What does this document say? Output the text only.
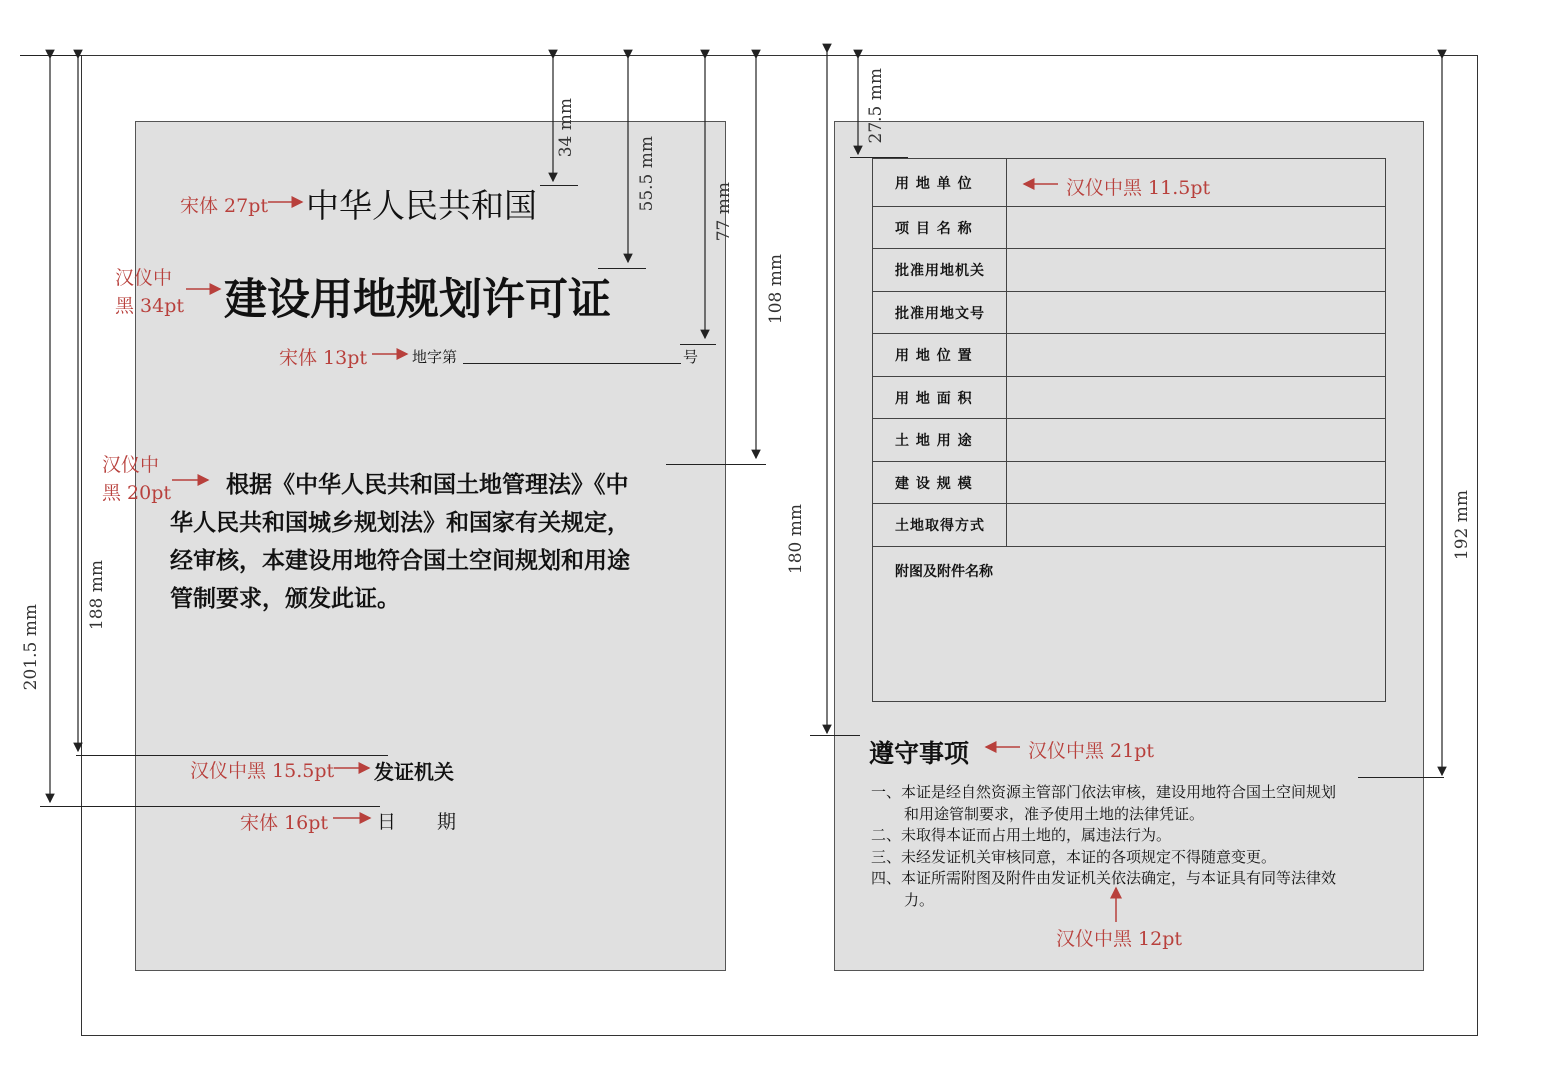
中华人民共和国
建设用地规划许可证
地字第	号
根据《中华人民共和国土地管理法》《中
华人民共和国城乡规划法》和国家有关规定，
经审核，本建设用地符合国土空间规划和用途
管制要求，颁发此证。
发证机关
日 期
宋体 27pt
汉仪中
黑 34pt
宋体 13pt
汉仪中
黑 20pt
汉仪中黑 15.5pt
宋体 16pt
用 地 单 位
项 目 名 称
批准用地机关
批准用地文号
用 地 位 置
用 地 面 积
土 地 用 途
建 设 规 模
土地取得方式
附图及附件名称
遵守事项
一、本证是经自然资源主管部门依法审核，建设用地符合国土空间规划
和用途管制要求，准予使用土地的法律凭证。
二、未取得本证而占用土地的，属违法行为。
三、未经发证机关审核同意，本证的各项规定不得随意变更。
四、本证所需附图及附件由发证机关依法确定，与本证具有同等法律效
力。
汉仪中黑 11.5pt
汉仪中黑 21pt
汉仪中黑 12pt
34 mm
55.5 mm
77 mm
108 mm
188 mm
201.5 mm
27.5 mm
180 mm	192 mm
